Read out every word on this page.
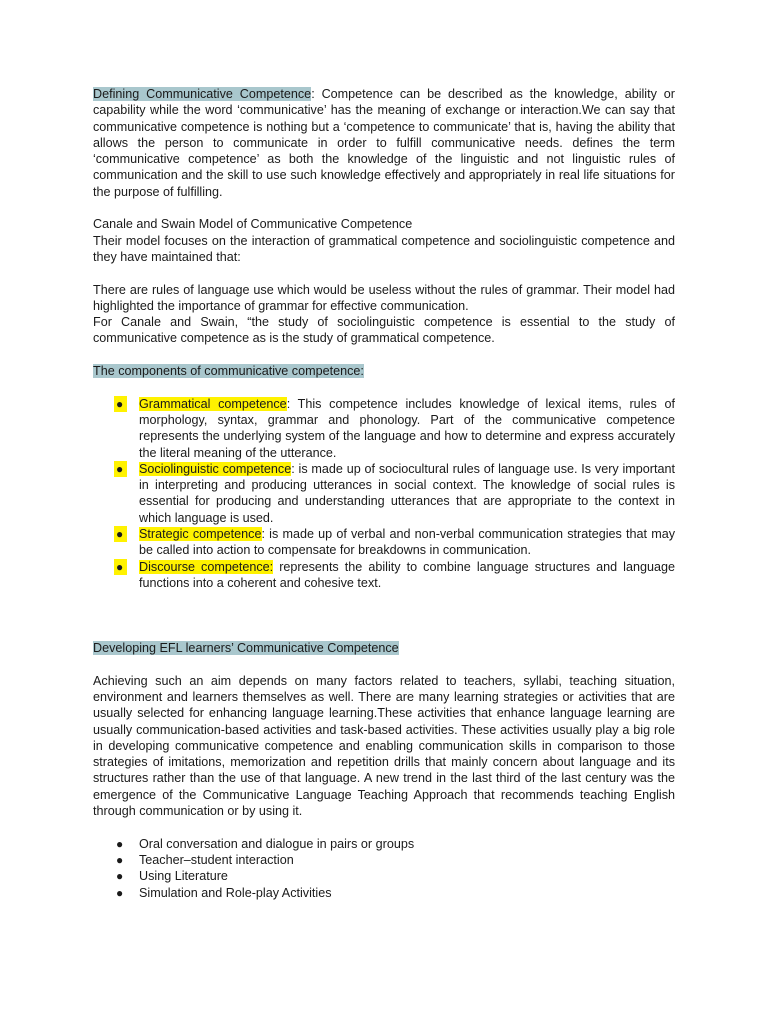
Defining Communicative Competence: Competence can be described as the knowledge, ability or capability while the word ‘communicative’ has the meaning of exchange or interaction.We can say that communicative competence is nothing but a ‘competence to communicate’ that is, having the ability that allows the person to communicate in order to fulfill communicative needs. defines the term ‘communicative competence’ as both the knowledge of the linguistic and not linguistic rules of communication and the skill to use such knowledge effectively and appropriately in real life situations for the purpose of fulfilling.

Canale and Swain Model of Communicative Competence

Their model focuses on the interaction of grammatical competence and sociolinguistic competence and they have maintained that:

There are rules of language use which would be useless without the rules of grammar. Their model had highlighted the importance of grammar for effective communication.

For Canale and Swain, “the study of sociolinguistic competence is essential to the study of communicative competence as is the study of grammatical competence.

The components of communicative competence:

●	Grammatical competence: This competence includes knowledge of lexical items, rules of morphology, syntax, grammar and phonology. Part of the communicative competence represents the underlying system of the language and how to determine and express accurately the literal meaning of the utterance.
●	Sociolinguistic competence: is made up of sociocultural rules of language use. Is very important in interpreting and producing utterances in social context. The knowledge of social rules is essential for producing and understanding utterances that are appropriate to the context in which language is used.
●	Strategic competence: is made up of verbal and non-verbal communication strategies that may be called into action to compensate for breakdowns in communication.
●	Discourse competence: represents the ability to combine language structures and language functions into a coherent and cohesive text.

Developing EFL learners’ Communicative Competence

Achieving such an aim depends on many factors related to teachers, syllabi, teaching situation, environment and learners themselves as well. There are many learning strategies or activities that are usually selected for enhancing language learning.These activities that enhance language learning are usually communication-based activities and task-based activities. These activities usually play a big role in developing communicative competence and enabling communication skills in comparison to those strategies of imitations, memorization and repetition drills that mainly concern about language and its structures rather than the use of that language. A new trend in the last third of the last century was the emergence of the Communicative Language Teaching Approach that recommends teaching English through communication or by using it.

● Oral conversation and dialogue in pairs or groups
● Teacher–student interaction
● Using Literature
● Simulation and Role-play Activities
